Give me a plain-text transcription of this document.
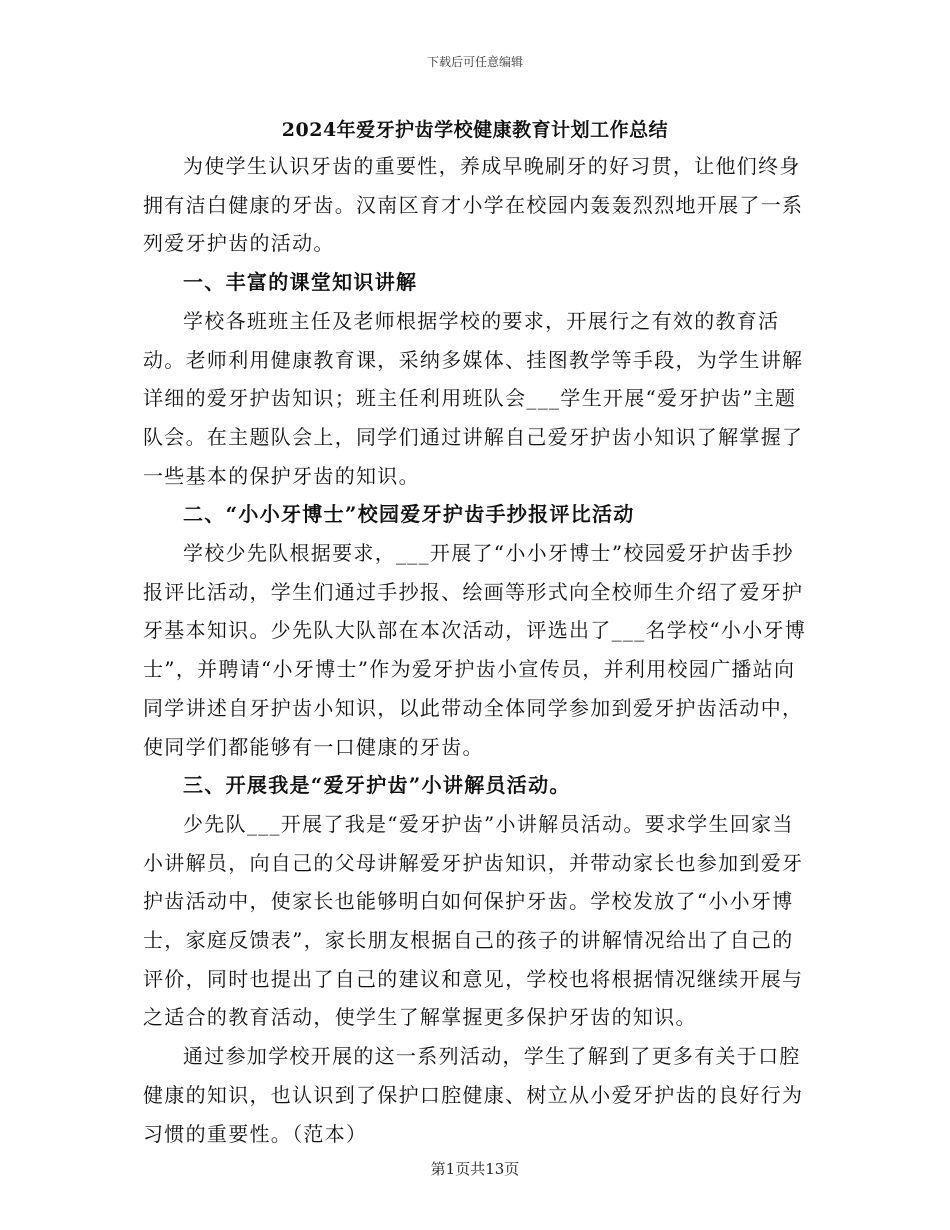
下载后可任意编辑
2024年爱牙护齿学校健康教育计划工作总结

为使学生认识牙齿的重要性，养成早晚刷牙的好习贯，让他们终身拥有洁白健康的牙齿。汉南区育才小学在校园内轰轰烈烈地开展了一系列爱牙护齿的活动。

一、丰富的课堂知识讲解

学校各班班主任及老师根据学校的要求，开展行之有效的教育活动。老师利用健康教育课，采纳多媒体、挂图教学等手段，为学生讲解详细的爱牙护齿知识；班主任利用班队会___学生开展“爱牙护齿”主题队会。在主题队会上，同学们通过讲解自己爱牙护齿小知识了解掌握了一些基本的保护牙齿的知识。

二、“小小牙博士”校园爱牙护齿手抄报评比活动

学校少先队根据要求，___开展了“小小牙博士”校园爱牙护齿手抄报评比活动，学生们通过手抄报、绘画等形式向全校师生介绍了爱牙护牙基本知识。少先队大队部在本次活动，评选出了___名学校“小小牙博士”，并聘请“小牙博士”作为爱牙护齿小宣传员，并利用校园广播站向同学讲述自牙护齿小知识，以此带动全体同学参加到爱牙护齿活动中，使同学们都能够有一口健康的牙齿。

三、开展我是“爱牙护齿”小讲解员活动。

少先队___开展了我是“爱牙护齿”小讲解员活动。要求学生回家当小讲解员，向自己的父母讲解爱牙护齿知识，并带动家长也参加到爱牙护齿活动中，使家长也能够明白如何保护牙齿。学校发放了“小小牙博士，家庭反馈表”，家长朋友根据自己的孩子的讲解情况给出了自己的评价，同时也提出了自己的建议和意见，学校也将根据情况继续开展与之适合的教育活动，使学生了解掌握更多保护牙齿的知识。

通过参加学校开展的这一系列活动，学生了解到了更多有关于口腔健康的知识，也认识到了保护口腔健康、树立从小爱牙护齿的良好行为习惯的重要性。（范本）

第1页共13页
